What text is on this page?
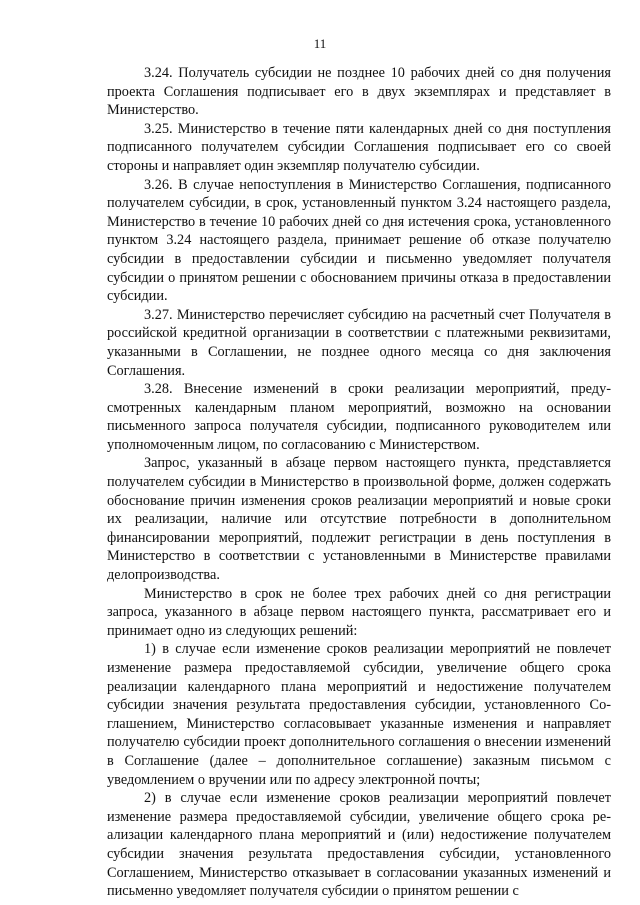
11

3.24. Получатель субсидии не позднее 10 рабочих дней со дня получения проекта Соглашения подписывает его в двух экземплярах и представляет в Министерство.

3.25. Министерство в течение пяти календарных дней со дня поступления подписанного получателем субсидии Соглашения подписывает его со своей стороны и направляет один экземпляр получателю субсидии.

3.26. В случае непоступления в Министерство Соглашения, подписанного получателем субсидии, в срок, установленный пунктом 3.24 настоящего раздела, Министерство в течение 10 рабочих дней со дня истечения срока, установленного пунктом 3.24 настоящего раздела, принимает решение об отказе получателю субсидии в предоставлении субсидии и письменно уведомляет получателя субсидии о принятом решении с обоснованием причины отказа в предоставлении субсидии.

3.27. Министерство перечисляет субсидию на расчетный счет Получателя в российской кредитной организации в соответствии с платежными реквизитами, указанными в Соглашении, не позднее одного месяца со дня заключения Соглашения.

3.28. Внесение изменений в сроки реализации мероприятий, предусмотренных календарным планом мероприятий, возможно на основании письменного запроса получателя субсидии, подписанного руководителем или уполномоченным лицом, по согласованию с Министерством.

Запрос, указанный в абзаце первом настоящего пункта, представляется получателем субсидии в Министерство в произвольной форме, должен содержать обоснование причин изменения сроков реализации мероприятий и новые сроки их реализации, наличие или отсутствие потребности в дополнительном финансировании мероприятий, подлежит регистрации в день поступления в Министерство в соответствии с установленными в Министерстве правилами делопроизводства.

Министерство в срок не более трех рабочих дней со дня регистрации запроса, указанного в абзаце первом настоящего пункта, рассматривает его и принимает одно из следующих решений:

1) в случае если изменение сроков реализации мероприятий не повлечет изменение размера предоставляемой субсидии, увеличение общего срока реализации календарного плана мероприятий и недостижение получателем субсидии значения результата предоставления субсидии, установленного Соглашением, Министерство согласовывает указанные изменения и направляет получателю субсидии проект дополнительного соглашения о внесении изменений в Соглашение (далее – дополнительное соглашение) заказным письмом с уведомлением о вручении или по адресу электронной почты;

2) в случае если изменение сроков реализации мероприятий повлечет изменение размера предоставляемой субсидии, увеличение общего срока реализации календарного плана мероприятий и (или) недостижение получателем субсидии значения результата предоставления субсидии, установленного Соглашением, Министерство отказывает в согласовании указанных изменений и письменно уведомляет получателя субсидии о принятом решении с
